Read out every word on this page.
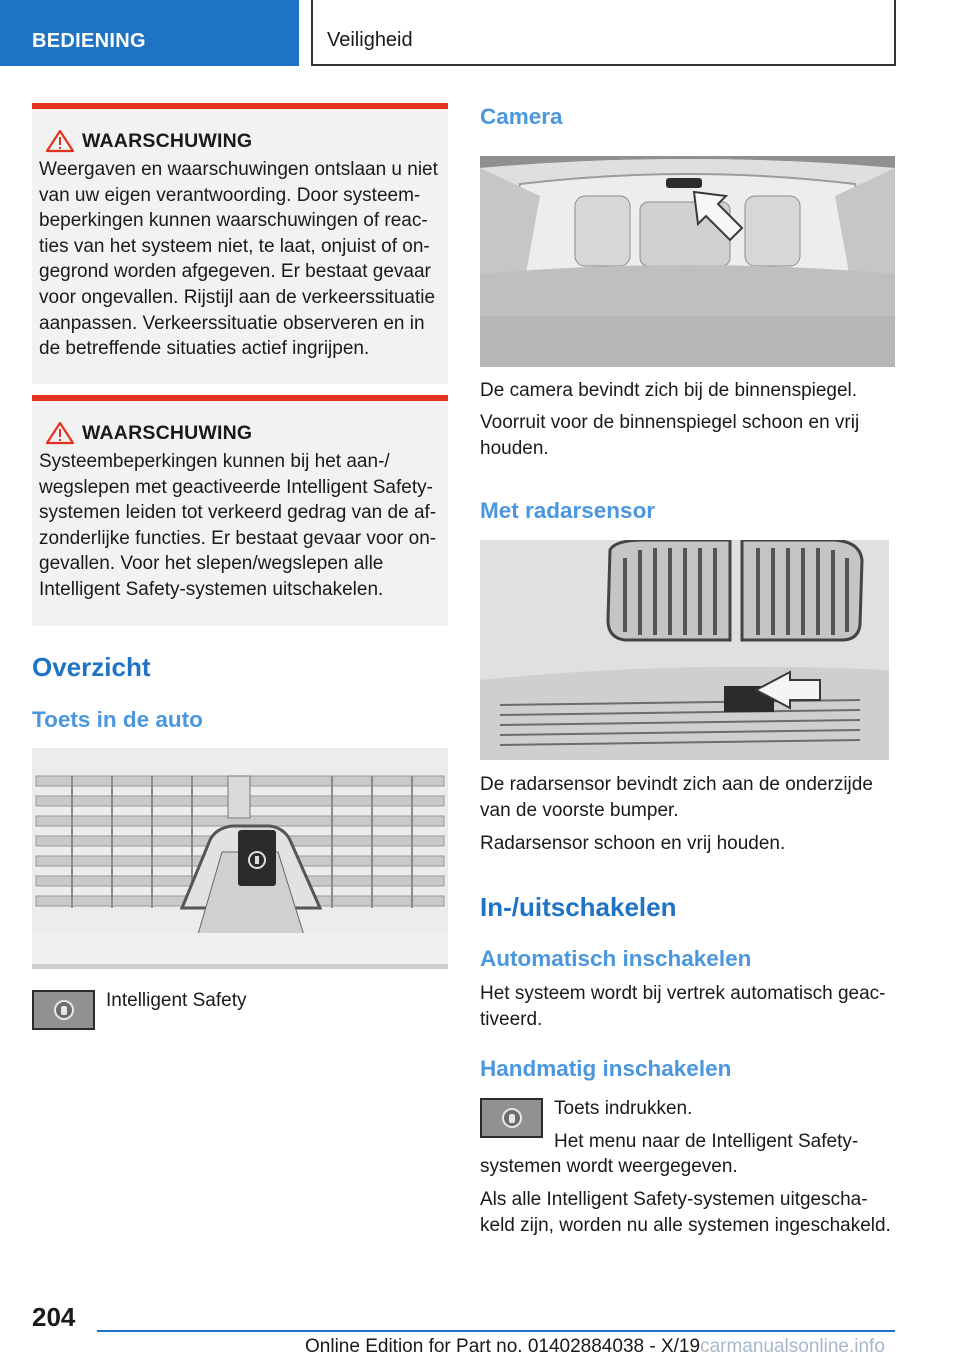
BEDIENING	Veiligheid
WAARSCHUWING
Weergaven en waarschuwingen ontslaan u niet
van uw eigen verantwoording. Door systeem-
beperkingen kunnen waarschuwingen of reac-
ties van het systeem niet, te laat, onjuist of on-
gegrond worden afgegeven. Er bestaat gevaar
voor ongevallen. Rijstijl aan de verkeerssituatie
aanpassen. Verkeerssituatie observeren en in
de betreffende situaties actief ingrijpen.
WAARSCHUWING
Systeembeperkingen kunnen bij het aan-/
wegslepen met geactiveerde Intelligent Safety-
systemen leiden tot verkeerd gedrag van de af-
zonderlijke functies. Er bestaat gevaar voor on-
gevallen. Voor het slepen/wegslepen alle
Intelligent Safety-systemen uitschakelen.
Overzicht
Toets in de auto
Intelligent Safety
Camera
De camera bevindt zich bij de binnenspiegel.
Voorruit voor de binnenspiegel schoon en vrij
houden.
Met radarsensor
De radarsensor bevindt zich aan de onderzijde
van de voorste bumper.
Radarsensor schoon en vrij houden.
In-/uitschakelen
Automatisch inschakelen
Het systeem wordt bij vertrek automatisch geac-
tiveerd.
Handmatig inschakelen
Toets indrukken.
Het menu naar de Intelligent Safety-
systemen wordt weergegeven.
Als alle Intelligent Safety-systemen uitgescha-
keld zijn, worden nu alle systemen ingeschakeld.
204
Online Edition for Part no. 01402884038 - X/19carmanualsonline.info
